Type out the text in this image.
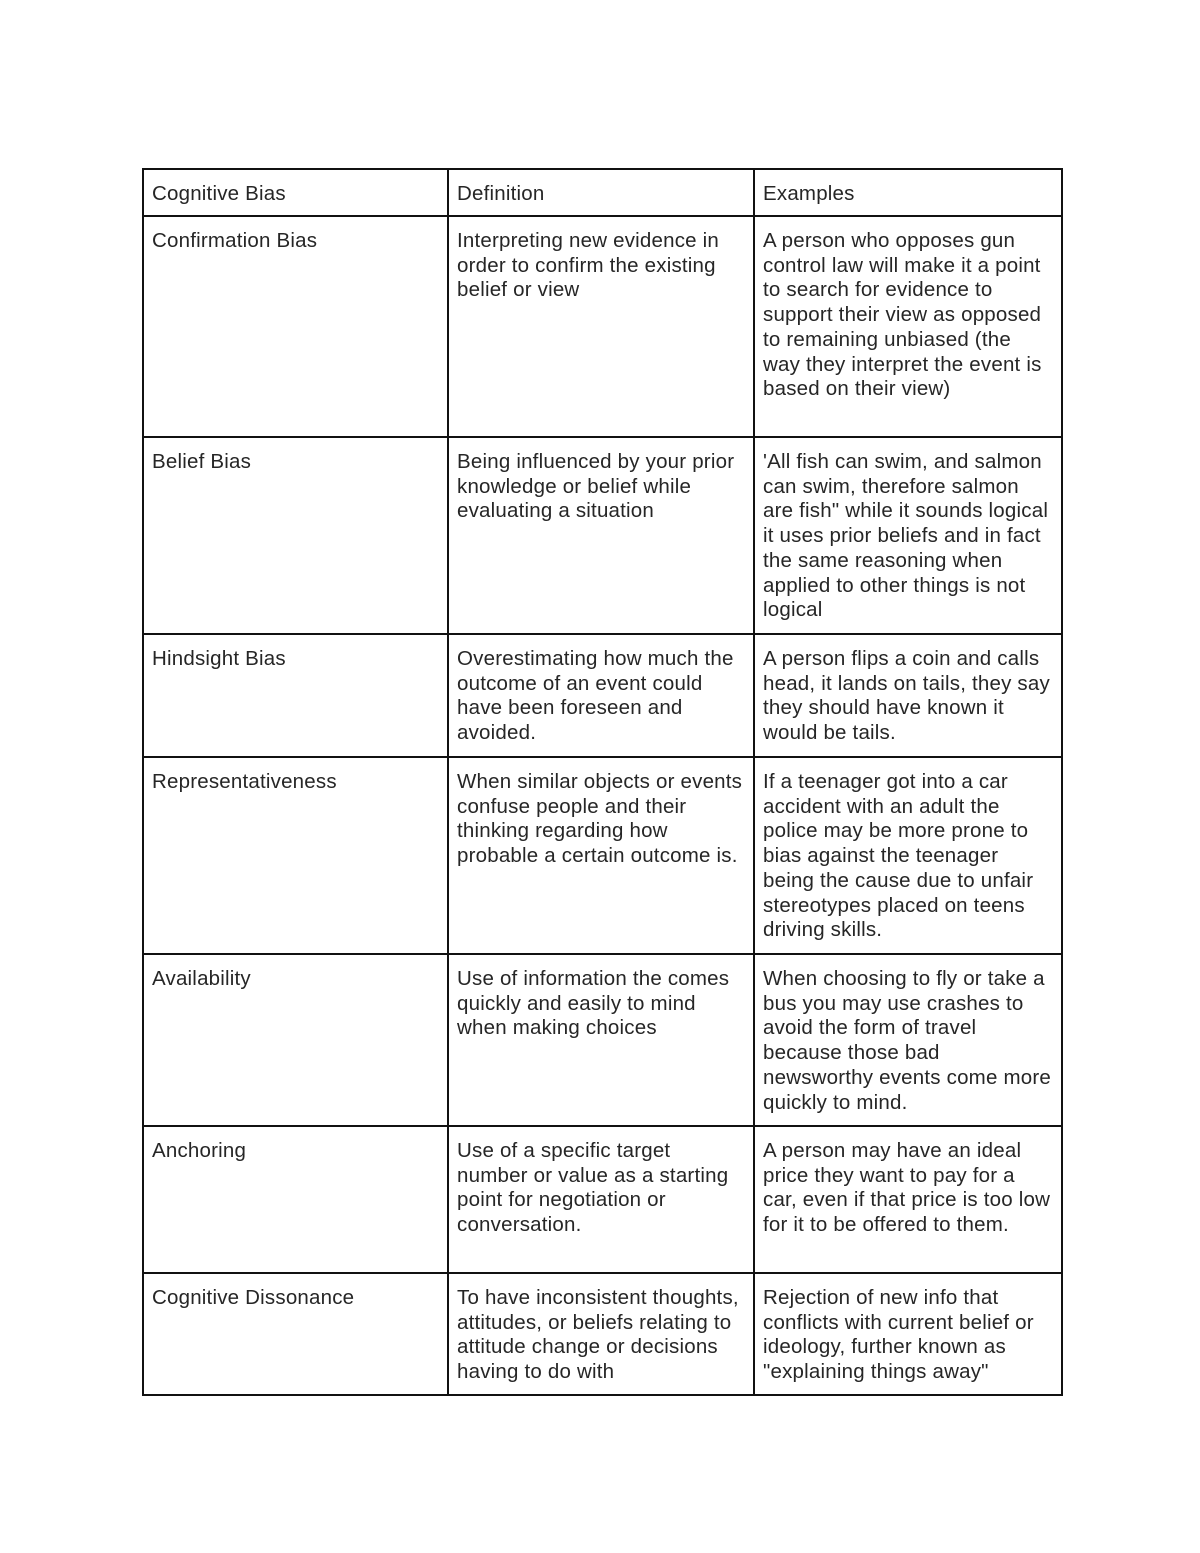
Cognitive Bias	Definition	Examples
Confirmation Bias	Interpreting new evidence in order to confirm the existing belief or view	A person who opposes gun control law will make it a point to search for evidence to support their view as opposed to remaining unbiased (the way they interpret the event is based on their view)
Belief Bias	Being influenced by your prior knowledge or belief while evaluating a situation	'All fish can swim, and salmon can swim, therefore salmon are fish" while it sounds logical it uses prior beliefs and in fact the same reasoning when applied to other things is not logical
Hindsight Bias	Overestimating how much the outcome of an event could have been foreseen and avoided.	A person flips a coin and calls head, it lands on tails, they say they should have known it would be tails.
Representativeness	When similar objects or events confuse people and their thinking regarding how probable a certain outcome is.	If a teenager got into a car accident with an adult the police may be more prone to bias against the teenager being the cause due to unfair stereotypes placed on teens driving skills.
Availability	Use of information the comes quickly and easily to mind when making choices	When choosing to fly or take a bus you may use crashes to avoid the form of travel because those bad newsworthy events come more quickly to mind.
Anchoring	Use of a specific target number or value as a starting point for negotiation or conversation.	A person may have an ideal price they want to pay for a car, even if that price is too low for it to be offered to them.
Cognitive Dissonance	To have inconsistent thoughts, attitudes, or beliefs relating to attitude change or decisions having to do with	Rejection of new info that conflicts with current belief or ideology, further known as "explaining things away"
